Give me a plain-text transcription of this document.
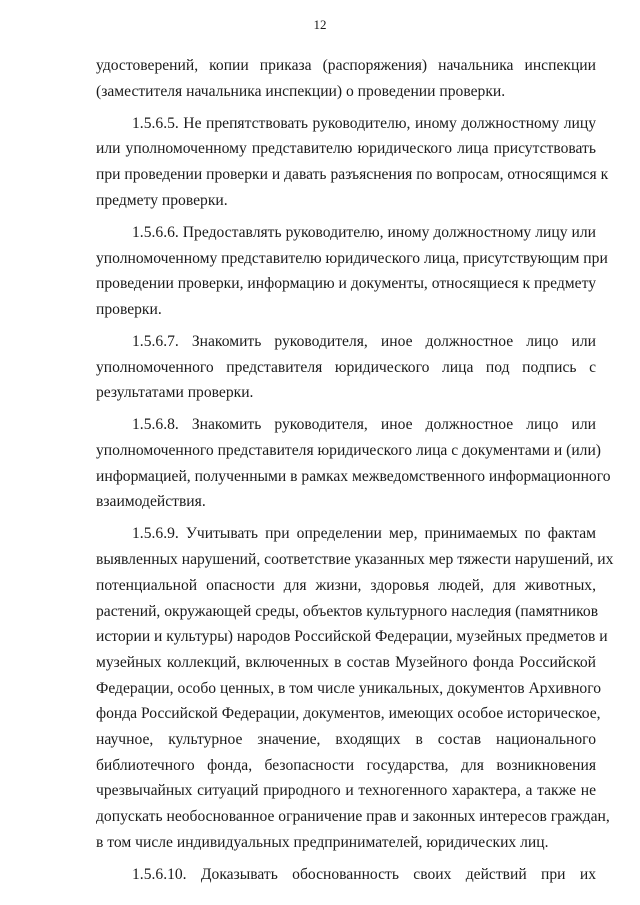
12

удостоверений, копии приказа (распоряжения) начальника инспекции
(заместителя начальника инспекции) о проведении проверки.

1.5.6.5. Не препятствовать руководителю, иному должностному лицу
или уполномоченному представителю юридического лица присутствовать
при проведении проверки и давать разъяснения по вопросам, относящимся к
предмету проверки.

1.5.6.6. Предоставлять руководителю, иному должностному лицу или
уполномоченному представителю юридического лица, присутствующим при
проведении проверки, информацию и документы, относящиеся к предмету
проверки.

1.5.6.7. Знакомить руководителя, иное должностное лицо или
уполномоченного представителя юридического лица под подпись с
результатами проверки.

1.5.6.8. Знакомить руководителя, иное должностное лицо или
уполномоченного представителя юридического лица с документами и (или)
информацией, полученными в рамках межведомственного информационного
взаимодействия.

1.5.6.9. Учитывать при определении мер, принимаемых по фактам
выявленных нарушений, соответствие указанных мер тяжести нарушений, их
потенциальной опасности для жизни, здоровья людей, для животных,
растений, окружающей среды, объектов культурного наследия (памятников
истории и культуры) народов Российской Федерации, музейных предметов и
музейных коллекций, включенных в состав Музейного фонда Российской
Федерации, особо ценных, в том числе уникальных, документов Архивного
фонда Российской Федерации, документов, имеющих особое историческое,
научное, культурное значение, входящих в состав национального
библиотечного фонда, безопасности государства, для возникновения
чрезвычайных ситуаций природного и техногенного характера, а также не
допускать необоснованное ограничение прав и законных интересов граждан,
в том числе индивидуальных предпринимателей, юридических лиц.

1.5.6.10. Доказывать обоснованность своих действий при их
